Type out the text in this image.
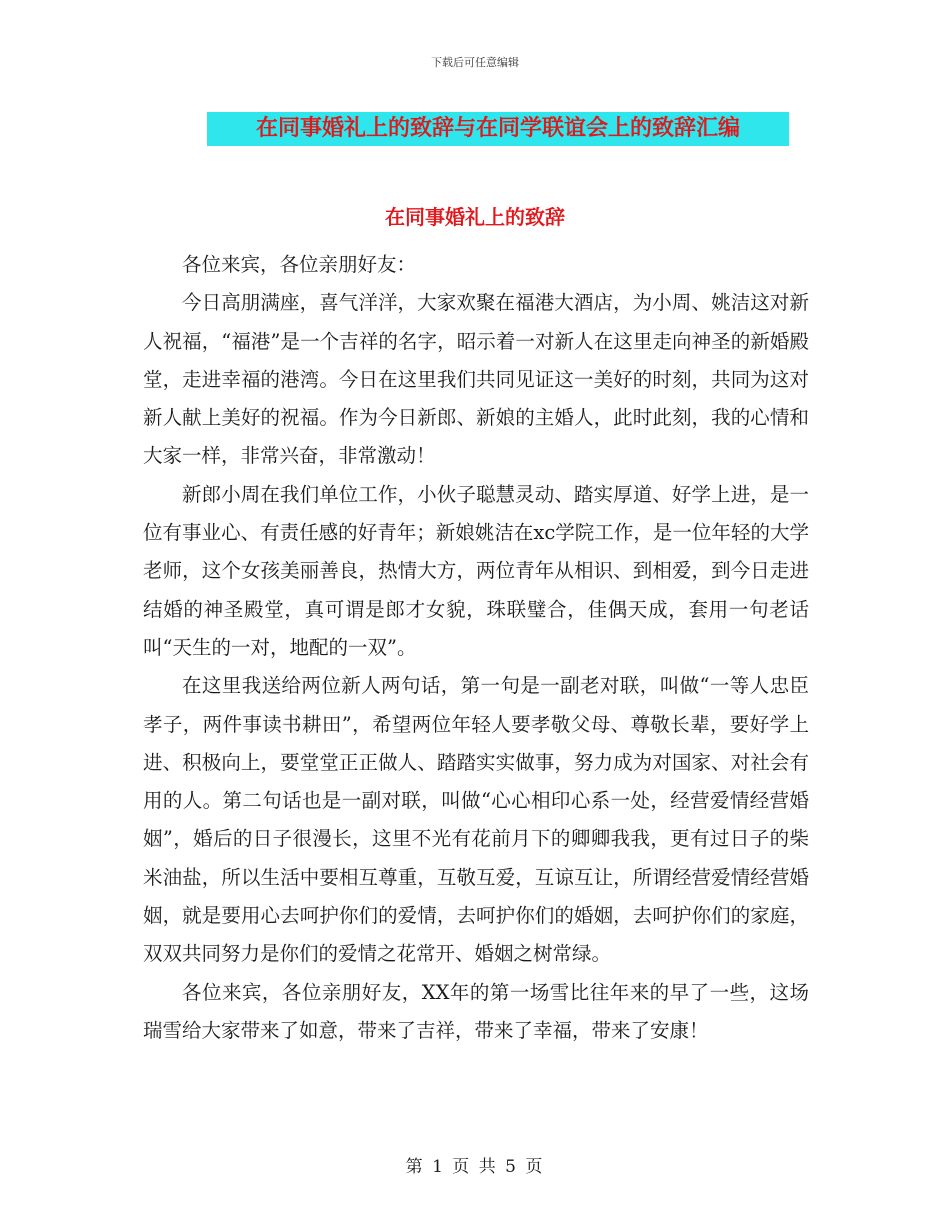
下载后可任意编辑
在同事婚礼上的致辞与在同学联谊会上的致辞汇编
在同事婚礼上的致辞

各位来宾，各位亲朋好友：

今日高朋满座，喜气洋洋，大家欢聚在福港大酒店，为小周、姚洁这对新人祝福，“福港”是一个吉祥的名字，昭示着一对新人在这里走向神圣的新婚殿堂，走进幸福的港湾。今日在这里我们共同见证这一美好的时刻，共同为这对新人献上美好的祝福。作为今日新郎、新娘的主婚人，此时此刻，我的心情和大家一样，非常兴奋，非常激动！

新郎小周在我们单位工作，小伙子聪慧灵动、踏实厚道、好学上进，是一位有事业心、有责任感的好青年；新娘姚洁在xc学院工作，是一位年轻的大学老师，这个女孩美丽善良，热情大方，两位青年从相识、到相爱，到今日走进结婚的神圣殿堂，真可谓是郎才女貌，珠联璧合，佳偶天成，套用一句老话叫“天生的一对，地配的一双”。

在这里我送给两位新人两句话，第一句是一副老对联，叫做“一等人忠臣孝子，两件事读书耕田”，希望两位年轻人要孝敬父母、尊敬长辈，要好学上进、积极向上，要堂堂正正做人、踏踏实实做事，努力成为对国家、对社会有用的人。第二句话也是一副对联，叫做“心心相印心系一处，经营爱情经营婚姻”，婚后的日子很漫长，这里不光有花前月下的卿卿我我，更有过日子的柴米油盐，所以生活中要相互尊重，互敬互爱，互谅互让，所谓经营爱情经营婚姻，就是要用心去呵护你们的爱情，去呵护你们的婚姻，去呵护你们的家庭，双双共同努力是你们的爱情之花常开、婚姻之树常绿。

各位来宾，各位亲朋好友，XX年的第一场雪比往年来的早了一些，这场瑞雪给大家带来了如意，带来了吉祥，带来了幸福，带来了安康！

第 1 页 共 5 页
